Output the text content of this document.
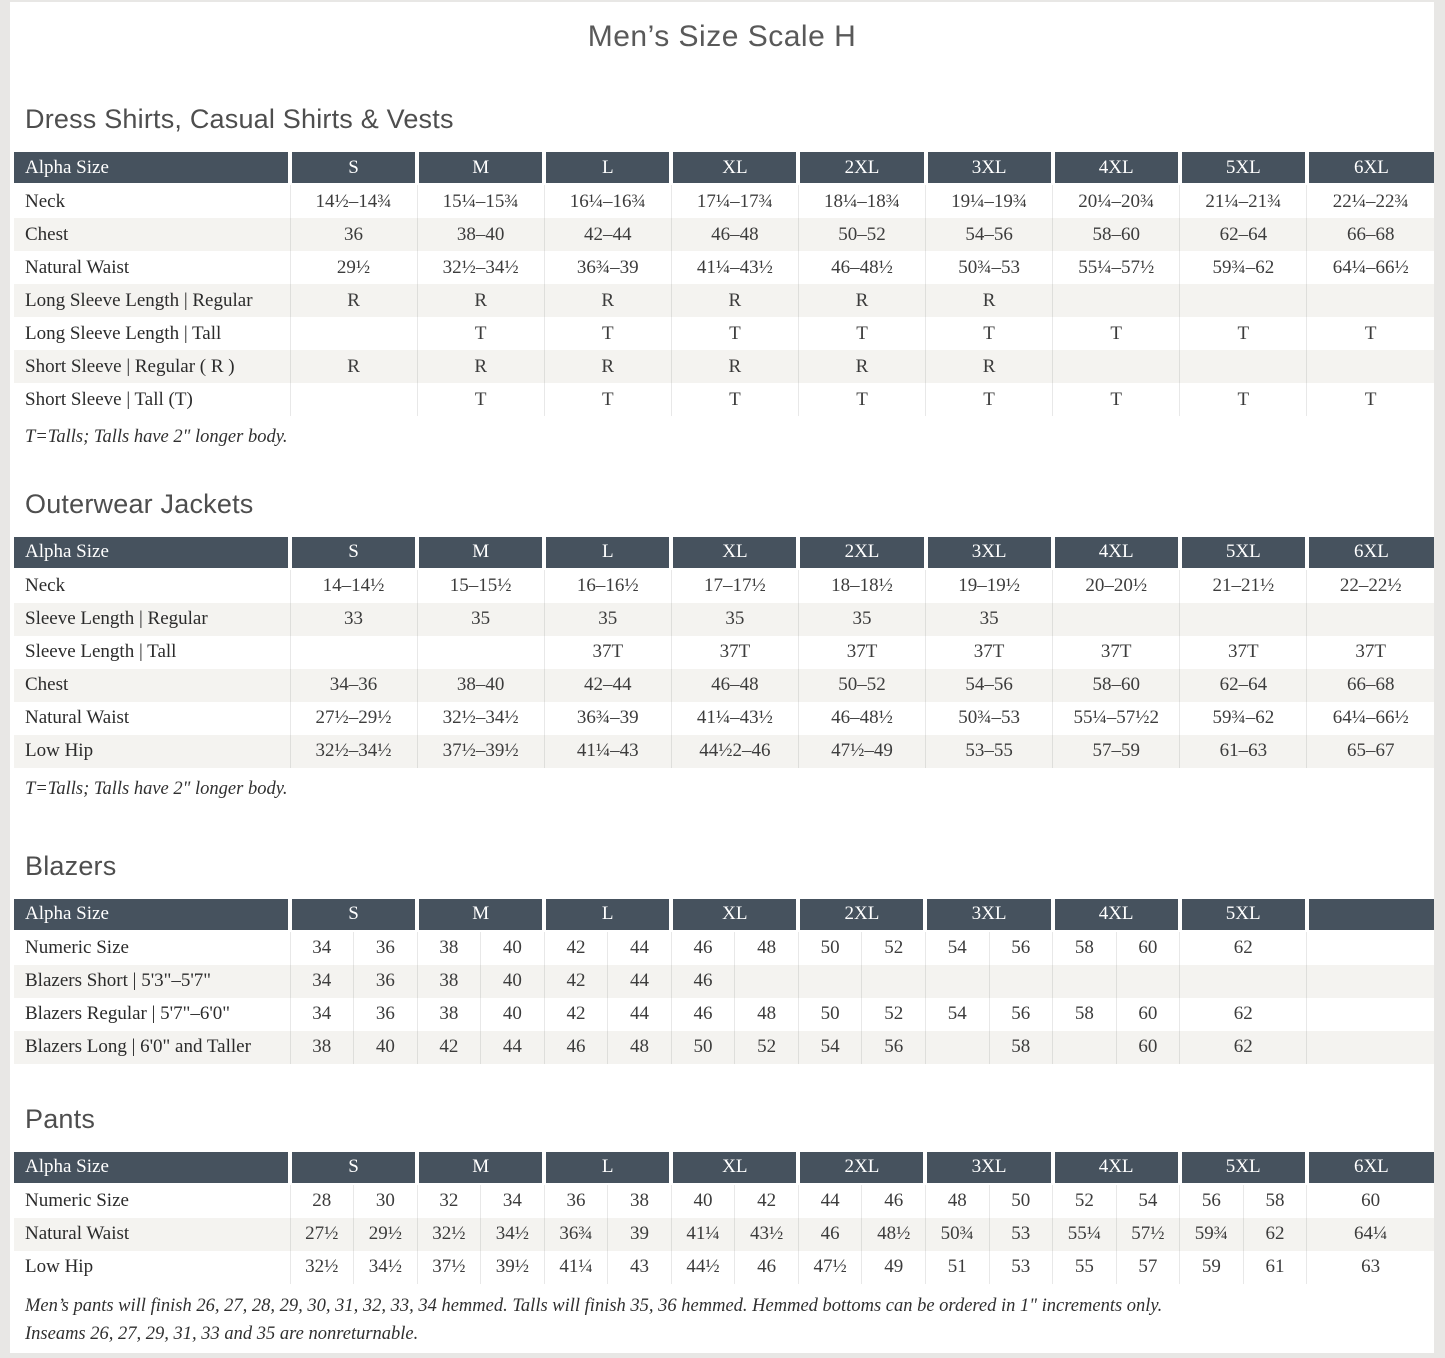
Men’s Size Scale H
Dress Shirts, Casual Shirts & Vests
Alpha Size	S	M	L	XL	2XL	3XL	4XL	5XL	6XL
Neck	14½–14¾	15¼–15¾	16¼–16¾	17¼–17¾	18¼–18¾	19¼–19¾	20¼–20¾	21¼–21¾	22¼–22¾
Chest	36	38–40	42–44	46–48	50–52	54–56	58–60	62–64	66–68
Natural Waist	29½	32½–34½	36¾–39	41¼–43½	46–48½	50¾–53	55¼–57½	59¾–62	64¼–66½
Long Sleeve Length | Regular	R	R	R	R	R	R			
Long Sleeve Length | Tall		T	T	T	T	T	T	T	T
Short Sleeve | Regular ( R )	R	R	R	R	R	R			
Short Sleeve | Tall (T)		T	T	T	T	T	T	T	T

T=Talls; Talls have 2" longer body.

Outerwear Jackets
Alpha Size	S	M	L	XL	2XL	3XL	4XL	5XL	6XL
Neck	14–14½	15–15½	16–16½	17–17½	18–18½	19–19½	20–20½	21–21½	22–22½
Sleeve Length | Regular	33	35	35	35	35	35			
Sleeve Length | Tall			37T	37T	37T	37T	37T	37T	37T
Chest	34–36	38–40	42–44	46–48	50–52	54–56	58–60	62–64	66–68
Natural Waist	27½–29½	32½–34½	36¾–39	41¼–43½	46–48½	50¾–53	55¼–57½2	59¾–62	64¼–66½
Low Hip	32½–34½	37½–39½	41¼–43	44½2–46	47½–49	53–55	57–59	61–63	65–67

T=Talls; Talls have 2" longer body.

Blazers
Alpha Size	S		M		L		XL		2XL		3XL		4XL		5XL	
Numeric Size	34	36	38	40	42	44	46	48	50	52	54	56	58	60	62	
Blazers Short | 5'3"–5'7"	34	36	38	40	42	44	46									
Blazers Regular | 5'7"–6'0"	34	36	38	40	42	44	46	48	50	52	54	56	58	60	62	
Blazers Long | 6'0" and Taller	38	40	42	44	46	48	50	52	54	56		58		60	62	
Pants
Alpha Size	S		M		L		XL		2XL		3XL		4XL		5XL		6XL
Numeric Size	28	30	32	34	36	38	40	42	44	46	48	50	52	54	56	58	60
Natural Waist	27½	29½	32½	34½	36¾	39	41¼	43½	46	48½	50¾	53	55¼	57½	59¾	62	64¼
Low Hip	32½	34½	37½	39½	41¼	43	44½	46	47½	49	51	53	55	57	59	61	63

Men’s pants will finish 26, 27, 28, 29, 30, 31, 32, 33, 34 hemmed. Talls will finish 35, 36 hemmed. Hemmed bottoms can be ordered in 1" increments only.

Inseams 26, 27, 29, 31, 33 and 35 are nonreturnable.
